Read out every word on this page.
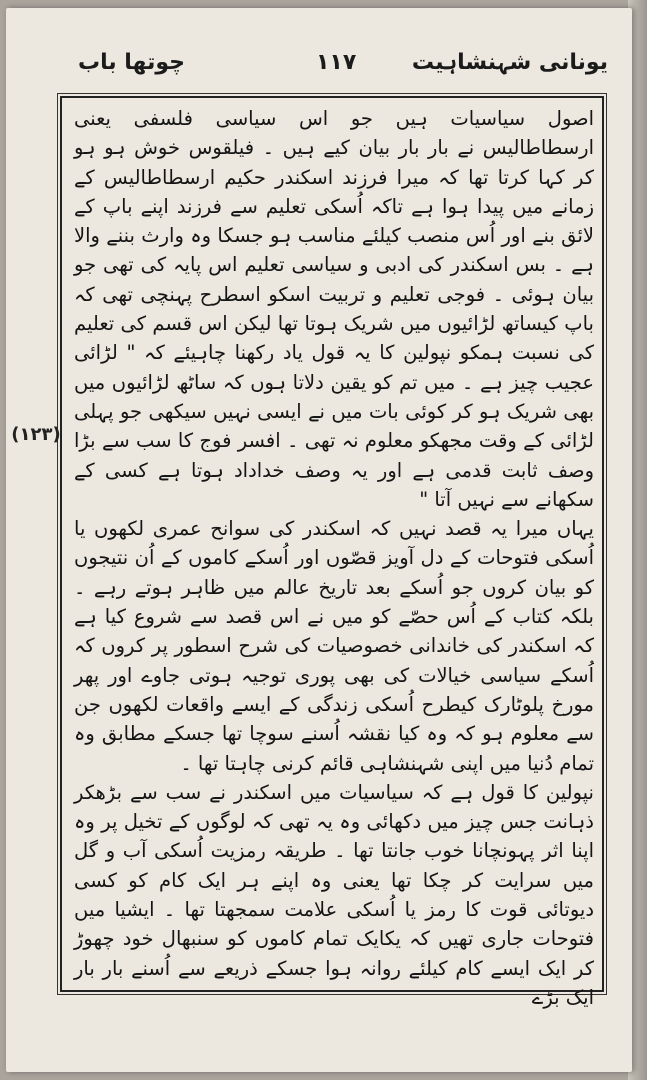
چوتھا باب	۱۱۷	یونانی شہنشاہیت
(۱۲۳)

اصول سیاسیات ہیں جو اس سیاسی فلسفی یعنی ارسطاطالیس نے بار بار بیان کیے ہیں ۔ فیلقوس خوش ہو ہو کر کہا کرتا تھا کہ میرا فرزند اسکندر حکیم ارسطاطالیس کے زمانے میں پیدا ہوا ہے تاکہ اُسکی تعلیم سے فرزند اپنے باپ کے لائق بنے اور اُس منصب کیلئے مناسب ہو جسکا وہ وارث بننے والا ہے ۔ بس اسکندر کی ادبی و سیاسی تعلیم اس پایہ کی تھی جو بیان ہوئی ۔ فوجی تعلیم و تربیت اسکو اسطرح پہنچی تھی کہ باپ کیساتھ لڑائیوں میں شریک ہوتا تھا لیکن اس قسم کی تعلیم کی نسبت ہمکو نپولین کا یہ قول یاد رکھنا چاہیئے کہ " لڑائی عجیب چیز ہے ۔ میں تم کو یقین دلاتا ہوں کہ ساٹھ لڑائیوں میں بھی شریک ہو کر کوئی بات میں نے ایسی نہیں سیکھی جو پہلی لڑائی کے وقت مجھکو معلوم نہ تھی ۔ افسر فوج کا سب سے بڑا وصف ثابت قدمی ہے اور یہ وصف خداداد ہوتا ہے کسی کے سکھانے سے نہیں آتا "

یہاں میرا یہ قصد نہیں کہ اسکندر کی سوانح عمری لکھوں یا اُسکی فتوحات کے دل آویز قصّوں اور اُسکے کاموں کے اُن نتیجوں کو بیان کروں جو اُسکے بعد تاریخ عالم میں ظاہر ہوتے رہے ۔ بلکہ کتاب کے اُس حصّے کو میں نے اس قصد سے شروع کیا ہے کہ اسکندر کی خاندانی خصوصیات کی شرح اسطور پر کروں کہ اُسکے سیاسی خیالات کی بھی پوری توجیہ ہوتی جاوے اور پھر مورخ پلوٹارک کیطرح اُسکی زندگی کے ایسے واقعات لکھوں جن سے معلوم ہو کہ وہ کیا نقشہ اُسنے سوچا تھا جسکے مطابق وہ تمام دُنیا میں اپنی شہنشاہی قائم کرنی چاہتا تھا ۔

نپولین کا قول ہے کہ سیاسیات میں اسکندر نے سب سے بڑھکر ذہانت جس چیز میں دکھائی وہ یہ تھی کہ لوگوں کے تخیل پر وہ اپنا اثر پہونچانا خوب جانتا تھا ۔ طریقہ رمزیت اُسکی آب و گل میں سرایت کر چکا تھا یعنی وہ اپنے ہر ایک کام کو کسی دیوتائی قوت کا رمز یا اُسکی علامت سمجھتا تھا ۔ ایشیا میں فتوحات جاری تھیں کہ یکایک تمام کاموں کو سنبھال خود چھوڑ کر ایک ایسے کام کیلئے روانہ ہوا جسکے ذریعے سے اُسنے بار بار ایک بڑے
